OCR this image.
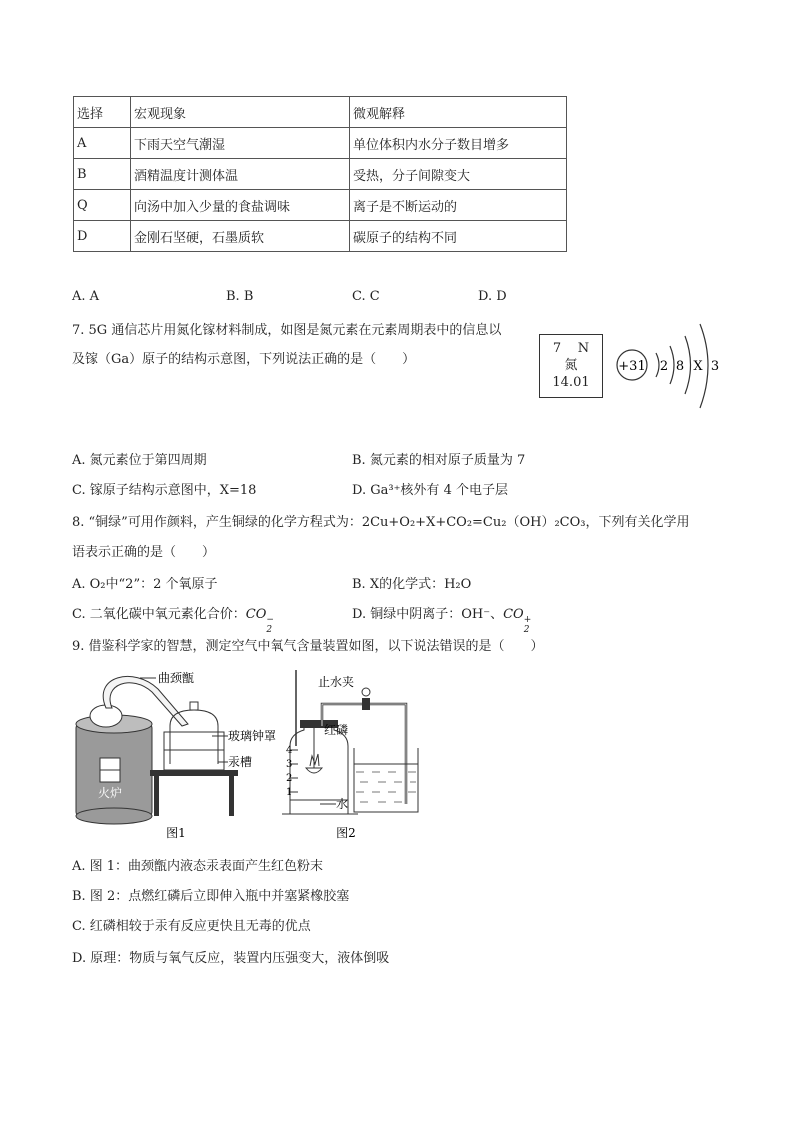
选择	宏观现象	微观解释
A	下雨天空气潮湿	单位体积内水分子数目增多
B	酒精温度计测体温	受热，分子间隙变大
Q	向汤中加入少量的食盐调味	离子是不断运动的
D	金刚石坚硬，石墨质软	碳原子的结构不同
A. A	B. B	C. C	D. D
7. 5G 通信芯片用氮化镓材料制成，如图是氮元素在元素周期表中的信息以
及镓（Ga）原子的结构示意图，下列说法正确的是（　　）
7 N
氮
14.01
+31 2 8 X 3
A. 氮元素位于第四周期	B. 氮元素的相对原子质量为 7
C. 镓原子结构示意图中，X=18	D. Ga³⁺核外有 4 个电子层
8. “铜绿”可用作颜料，产生铜绿的化学方程式为：2Cu+O₂+X+CO₂=Cu₂（OH）₂CO₃，下列有关化学用
语表示正确的是（　　）
A. O₂中“2”：2 个氧原子	B. X的化学式：H₂O
C. 二氧化碳中氧元素化合价：CO −
2
D. 铜绿中阴离子：OH⁻、CO +
2
9. 借鉴科学家的智慧，测定空气中氧气含量装置如图，以下说法错误的是（　　）
火炉
曲颈甑
玻璃钟罩
汞槽
图1
4
3
2
1
止水夹
红磷
水
图2
A. 图 1：曲颈甑内液态汞表面产生红色粉末
B. 图 2：点燃红磷后立即伸入瓶中并塞紧橡胶塞
C. 红磷相较于汞有反应更快且无毒的优点
D. 原理：物质与氧气反应，装置内压强变大，液体倒吸
